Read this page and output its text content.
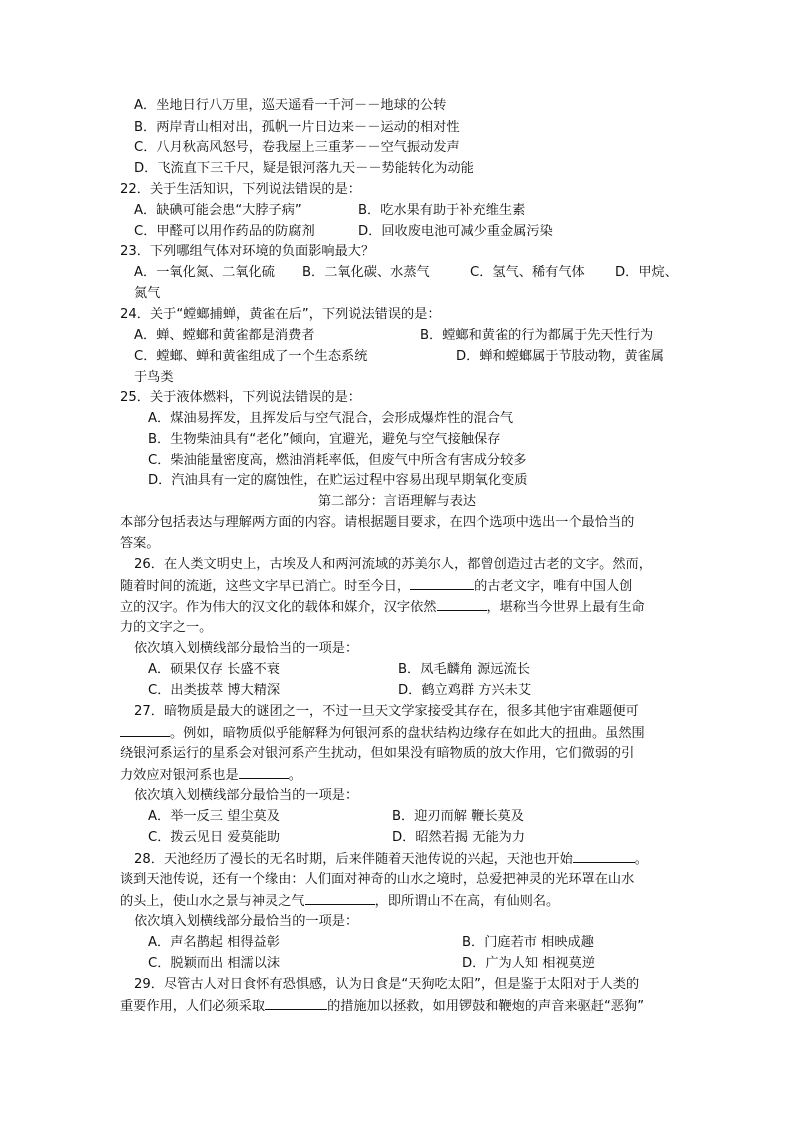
A．坐地日行八万里，巡天遥看一千河－－地球的公转
B．两岸青山相对出，孤帆一片日边来－－运动的相对性
C．八月秋高风怒号，卷我屋上三重茅－－空气振动发声
D．飞流直下三千尺，疑是银河落九天－－势能转化为动能
22．关于生活知识，下列说法错误的是：
A．缺碘可能会患“大脖子病”	B．吃水果有助于补充维生素
C．甲醛可以用作药品的防腐剂	D．回收废电池可减少重金属污染
23．下列哪组气体对环境的负面影响最大？
A．一氧化氮、二氧化硫 B．二氧化碳、水蒸气	C．氢气、稀有气体 D．甲烷、
氮气
24．关于“螳螂捕蝉，黄雀在后”，下列说法错误的是：
A．蝉、螳螂和黄雀都是消费者	B．螳螂和黄雀的行为都属于先天性行为
C．螳螂、蝉和黄雀组成了一个生态系统	D．蝉和螳螂属于节肢动物，黄雀属
于鸟类
25．关于液体燃料，下列说法错误的是：
A．煤油易挥发，且挥发后与空气混合，会形成爆炸性的混合气
B．生物柴油具有“老化”倾向，宜避光，避免与空气接触保存
C．柴油能量密度高，燃油消耗率低，但废气中所含有害成分较多
D．汽油具有一定的腐蚀性，在贮运过程中容易出现早期氧化变质
第二部分：言语理解与表达
本部分包括表达与理解两方面的内容。请根据题目要求，在四个选项中选出一个最恰当的
答案。
26．在人类文明史上，古埃及人和两河流域的苏美尔人，都曾创造过古老的文字。然而，
随着时间的流逝，这些文字早已消亡。时至今日，	的古老文字，唯有中国人创
立的汉字。作为伟大的汉文化的载体和媒介，汉字依然	，堪称当今世界上最有生命
力的文字之一。
依次填入划横线部分最恰当的一项是：
A．硕果仅存 长盛不衰	B．凤毛麟角 源远流长
C．出类拔萃 博大精深	D．鹤立鸡群 方兴未艾
27．暗物质是最大的谜团之一，不过一旦天文学家接受其存在，很多其他宇宙难题便可
。例如，暗物质似乎能解释为何银河系的盘状结构边缘存在如此大的扭曲。虽然围
绕银河系运行的星系会对银河系产生扰动，但如果没有暗物质的放大作用，它们微弱的引
力效应对银河系也是	。
依次填入划横线部分最恰当的一项是：
A．举一反三 望尘莫及	B．迎刃而解 鞭长莫及
C．拨云见日 爱莫能助	D．昭然若揭 无能为力
28．天池经历了漫长的无名时期，后来伴随着天池传说的兴起，天池也开始	。
谈到天池传说，还有一个缘由：人们面对神奇的山水之境时，总爱把神灵的光环罩在山水
的头上，使山水之景与神灵之气	，即所谓山不在高，有仙则名。
依次填入划横线部分最恰当的一项是：
A．声名鹊起 相得益彰	B．门庭若市 相映成趣
C．脱颖而出 相濡以沫	D．广为人知 相视莫逆
29．尽管古人对日食怀有恐惧感，认为日食是“天狗吃太阳”，但是鉴于太阳对于人类的
重要作用，人们必须采取	的措施加以拯救，如用锣鼓和鞭炮的声音来驱赶“恶狗”
